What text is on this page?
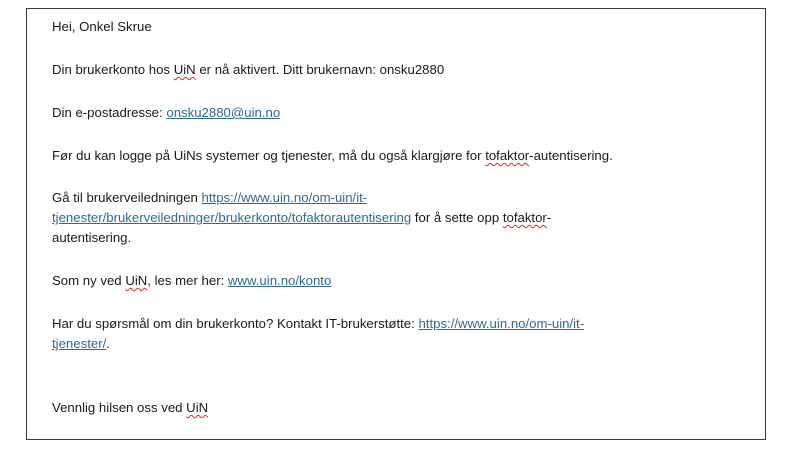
Hei, Onkel Skrue

Din brukerkonto hos UiN er nå aktivert. Ditt brukernavn: onsku2880

Din e-postadresse: onsku2880@uin.no

Før du kan logge på UiNs systemer og tjenester, må du også klargjøre for tofaktor-autentisering.

Gå til brukerveiledningen https://www.uin.no/om-uin/it-

tjenester/brukerveiledninger/brukerkonto/tofaktorautentisering for å sette opp tofaktor-

autentisering.

Som ny ved UiN, les mer her: www.uin.no/konto

Har du spørsmål om din brukerkonto? Kontakt IT-brukerstøtte: https://www.uin.no/om-uin/it-

tjenester/.

Vennlig hilsen oss ved UiN
